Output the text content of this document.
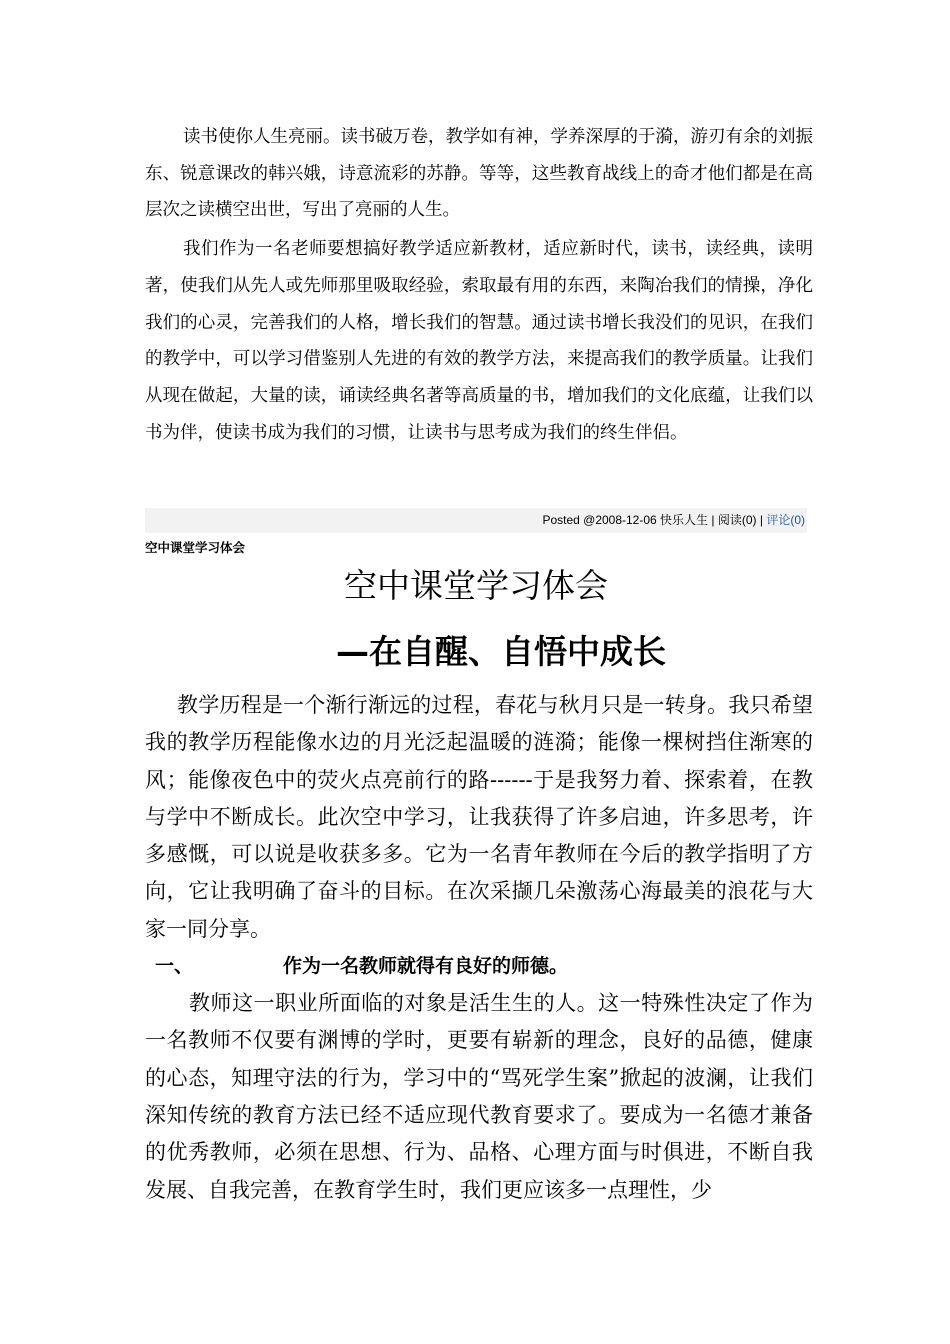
读书使你人生亮丽。读书破万卷，教学如有神，学养深厚的于漪，游刃有余的刘振东、锐意课改的韩兴娥，诗意流彩的苏静。等等，这些教育战线上的奇才他们都是在高层次之读横空出世，写出了亮丽的人生。

我们作为一名老师要想搞好教学适应新教材，适应新时代，读书，读经典，读明著，使我们从先人或先师那里吸取经验，索取最有用的东西，来陶冶我们的情操，净化我们的心灵，完善我们的人格，增长我们的智慧。通过读书增长我没们的见识，在我们的教学中，可以学习借鉴别人先进的有效的教学方法，来提高我们的教学质量。让我们从现在做起，大量的读，诵读经典名著等高质量的书，增加我们的文化底蕴，让我们以书为伴，使读书成为我们的习惯，让读书与思考成为我们的终生伴侣。

Posted @2008-12-06 快乐人生 | 阅读(0) | 评论(0)
空中课堂学习体会
空中课堂学习体会
—在自醒、自悟中成长

教学历程是一个渐行渐远的过程，春花与秋月只是一转身。我只希望我的教学历程能像水边的月光泛起温暖的涟漪；能像一棵树挡住渐寒的风；能像夜色中的荧火点亮前行的路------于是我努力着、探索着，在教与学中不断成长。此次空中学习，让我获得了许多启迪，许多思考，许多感慨，可以说是收获多多。它为一名青年教师在今后的教学指明了方向，它让我明确了奋斗的目标。在次采撷几朵激荡心海最美的浪花与大家一同分享。

一、	作为一名教师就得有良好的师德。

教师这一职业所面临的对象是活生生的人。这一特殊性决定了作为一名教师不仅要有渊博的学时，更要有崭新的理念，良好的品德，健康的心态，知理守法的行为，学习中的“骂死学生案”掀起的波澜，让我们深知传统的教育方法已经不适应现代教育要求了。要成为一名德才兼备的优秀教师，必须在思想、行为、品格、心理方面与时俱进，不断自我发展、自我完善，在教育学生时，我们更应该多一点理性，少
